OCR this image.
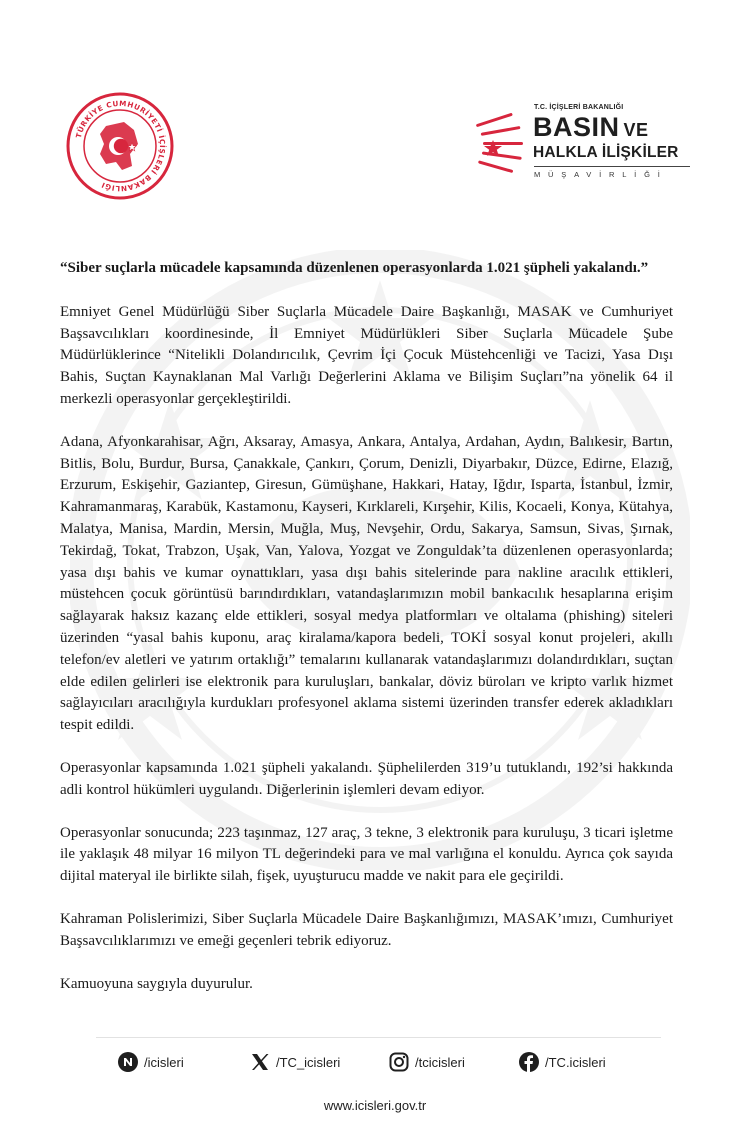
TÜRKİYE CUMHURİYETİ İÇİŞLERİ BAKANLIĞI
T.C. İÇİŞLERİ BAKANLIĞI
BASIN VE
HALKLA İLİŞKİLER
MÜŞAVİRLİĞİ

“Siber suçlarla mücadele kapsamında düzenlenen operasyonlarda 1.021 şüpheli yakalandı.”

Emniyet Genel Müdürlüğü Siber Suçlarla Mücadele Daire Başkanlığı, MASAK ve Cumhuriyet Başsavcılıkları koordinesinde, İl Emniyet Müdürlükleri Siber Suçlarla Mücadele Şube Müdürlüklerince “Nitelikli Dolandırıcılık, Çevrim İçi Çocuk Müstehcenliği ve Tacizi, Yasa Dışı Bahis, Suçtan Kaynaklanan Mal Varlığı Değerlerini Aklama ve Bilişim Suçları”na yönelik 64 il merkezli operasyonlar gerçekleştirildi.

Adana, Afyonkarahisar, Ağrı, Aksaray, Amasya, Ankara, Antalya, Ardahan, Aydın, Balıkesir, Bartın, Bitlis, Bolu, Burdur, Bursa, Çanakkale, Çankırı, Çorum, Denizli, Diyarbakır, Düzce, Edirne, Elazığ, Erzurum, Eskişehir, Gaziantep, Giresun, Gümüşhane, Hakkari, Hatay, Iğdır, Isparta, İstanbul, İzmir, Kahramanmaraş, Karabük, Kastamonu, Kayseri, Kırklareli, Kırşehir, Kilis, Kocaeli, Konya, Kütahya, Malatya, Manisa, Mardin, Mersin, Muğla, Muş, Nevşehir, Ordu, Sakarya, Samsun, Sivas, Şırnak, Tekirdağ, Tokat, Trabzon, Uşak, Van, Yalova, Yozgat ve Zonguldak’ta düzenlenen operasyonlarda; yasa dışı bahis ve kumar oynattıkları, yasa dışı bahis sitelerinde para nakline aracılık ettikleri, müstehcen çocuk görüntüsü barındırdıkları, vatandaşlarımızın mobil bankacılık hesaplarına erişim sağlayarak haksız kazanç elde ettikleri, sosyal medya platformları ve oltalama (phishing) siteleri üzerinden “yasal bahis kuponu, araç kiralama/kapora bedeli, TOKİ sosyal konut projeleri, akıllı telefon/ev aletleri ve yatırım ortaklığı” temalarını kullanarak vatandaşlarımızı dolandırdıkları, suçtan elde edilen gelirleri ise elektronik para kuruluşları, bankalar, döviz büroları ve kripto varlık hizmet sağlayıcıları aracılığıyla kurdukları profesyonel aklama sistemi üzerinden transfer ederek akladıkları tespit edildi.

Operasyonlar kapsamında 1.021 şüpheli yakalandı. Şüphelilerden 319’u tutuklandı, 192’si hakkında adli kontrol hükümleri uygulandı. Diğerlerinin işlemleri devam ediyor.

Operasyonlar sonucunda; 223 taşınmaz, 127 araç, 3 tekne, 3 elektronik para kuruluşu, 3 ticari işletme ile yaklaşık 48 milyar 16 milyon TL değerindeki para ve mal varlığına el konuldu. Ayrıca çok sayıda dijital materyal ile birlikte silah, fişek, uyuşturucu madde ve nakit para ele geçirildi.

Kahraman Polislerimizi, Siber Suçlarla Mücadele Daire Başkanlığımızı, MASAK’ımızı, Cumhuriyet Başsavcılıklarımızı ve emeği geçenleri tebrik ediyoruz.

Kamuoyuna saygıyla duyurulur.

/icisleri	/TC_icisleri	/tcicisleri	/TC.icisleri
www.icisleri.gov.tr
